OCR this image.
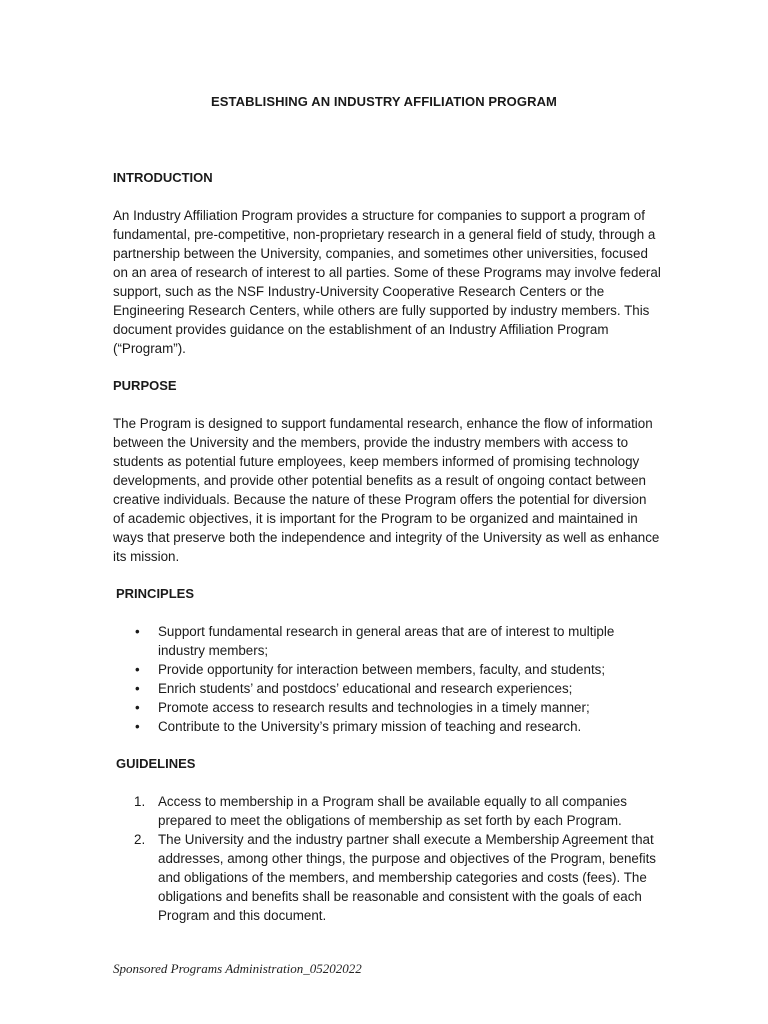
ESTABLISHING AN INDUSTRY AFFILIATION PROGRAM
INTRODUCTION

An Industry Affiliation Program provides a structure for companies to support a program of fundamental, pre-competitive, non-proprietary research in a general field of study, through a partnership between the University, companies, and sometimes other universities, focused on an area of research of interest to all parties. Some of these Programs may involve federal support, such as the NSF Industry-University Cooperative Research Centers or the Engineering Research Centers, while others are fully supported by industry members. This document provides guidance on the establishment of an Industry Affiliation Program (“Program”).

PURPOSE

The Program is designed to support fundamental research, enhance the flow of information between the University and the members, provide the industry members with access to students as potential future employees, keep members informed of promising technology developments, and provide other potential benefits as a result of ongoing contact between creative individuals. Because the nature of these Program offers the potential for diversion of academic objectives, it is important for the Program to be organized and maintained in ways that preserve both the independence and integrity of the University as well as enhance its mission.

PRINCIPLES
• Support fundamental research in general areas that are of interest to multiple industry members;
• Provide opportunity for interaction between members, faculty, and students;
• Enrich students’ and postdocs’ educational and research experiences;
• Promote access to research results and technologies in a timely manner;
• Contribute to the University’s primary mission of teaching and research.
GUIDELINES
1. Access to membership in a Program shall be available equally to all companies prepared to meet the obligations of membership as set forth by each Program.
2. The University and the industry partner shall execute a Membership Agreement that addresses, among other things, the purpose and objectives of the Program, benefits and obligations of the members, and membership categories and costs (fees). The obligations and benefits shall be reasonable and consistent with the goals of each Program and this document.
Sponsored Programs Administration_05202022
